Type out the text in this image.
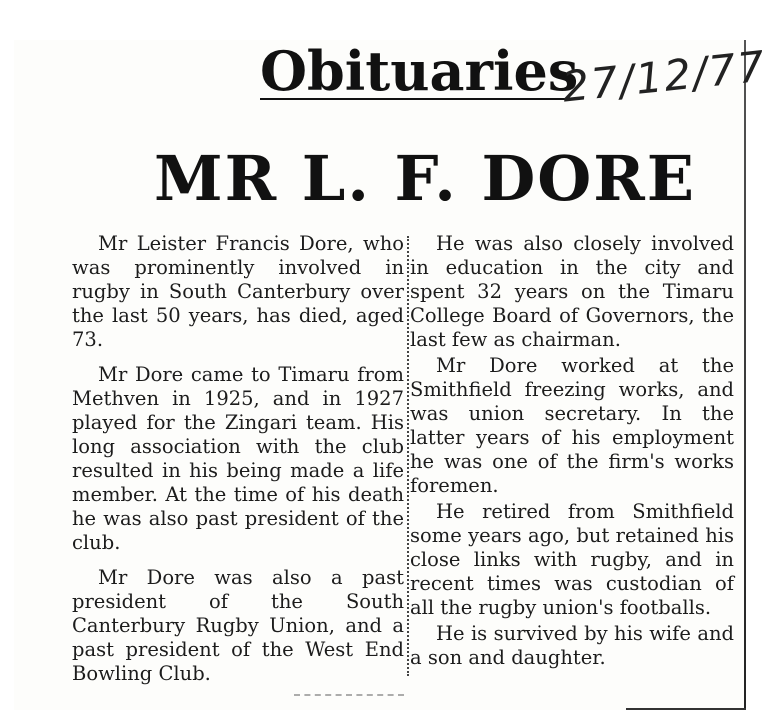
Obituaries
27/12/77
MR L. F. DORE

Mr Leister Francis Dore, who was prominently involved in rugby in South Canterbury over the last 50 years, has died, aged 73.

Mr Dore came to Timaru from Methven in 1925, and in 1927 played for the Zingari team. His long association with the club resulted in his being made a life member. At the time of his death he was also past president of the club.

Mr Dore was also a past president of the South Canterbury Rugby Union, and a past president of the West End Bowling Club.

He was also closely involved in education in the city and spent 32 years on the Timaru College Board of Governors, the last few as chairman.

Mr Dore worked at the Smithfield freezing works, and was union secretary. In the latter years of his employment he was one of the firm's works foremen.

He retired from Smithfield some years ago, but retained his close links with rugby, and in recent times was custodian of all the rugby union's footballs.

He is survived by his wife and a son and daughter.
